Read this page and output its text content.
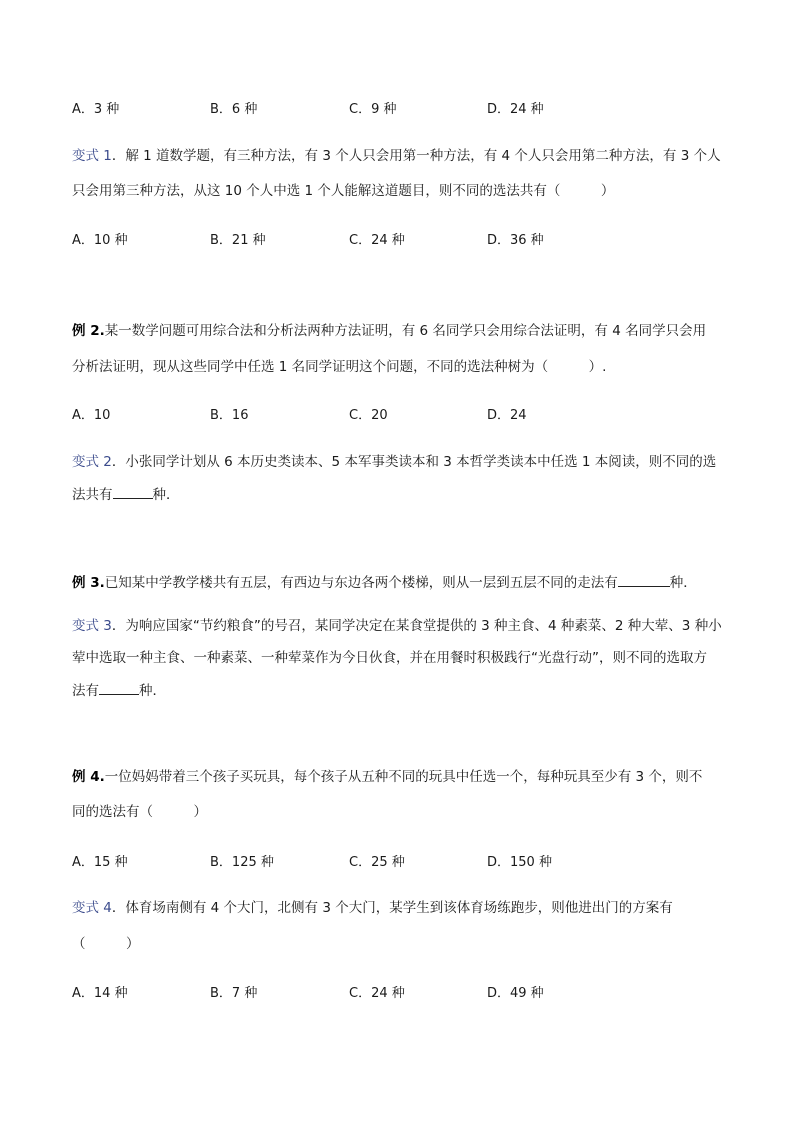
A．3 种	B．6 种	C．9 种	D．24 种
变式 1．解 1 道数学题，有三种方法，有 3 个人只会用第一种方法，有 4 个人只会用第二种方法，有 3 个人
只会用第三种方法，从这 10 个人中选 1 个人能解这道题目，则不同的选法共有（　　　）
A．10 种	B．21 种	C．24 种	D．36 种
例 2.某一数学问题可用综合法和分析法两种方法证明，有 6 名同学只会用综合法证明，有 4 名同学只会用
分析法证明，现从这些同学中任选 1 名同学证明这个问题，不同的选法种树为（　　　）.
A．10	B．16	C．20	D．24
变式 2．小张同学计划从 6 本历史类读本、5 本军事类读本和 3 本哲学类读本中任选 1 本阅读，则不同的选
法共有	种．
例 3.已知某中学教学楼共有五层，有西边与东边各两个楼梯，则从一层到五层不同的走法有	种．
变式 3．为响应国家“节约粮食”的号召，某同学决定在某食堂提供的 3 种主食、4 种素菜、2 种大荤、3 种小
荤中选取一种主食、一种素菜、一种荤菜作为今日伙食，并在用餐时积极践行“光盘行动”，则不同的选取方
法有	种．
例 4.一位妈妈带着三个孩子买玩具，每个孩子从五种不同的玩具中任选一个，每种玩具至少有 3 个，则不
同的选法有（　　　）
A．15 种	B．125 种	C．25 种	D．150 种
变式 4．体育场南侧有 4 个大门，北侧有 3 个大门，某学生到该体育场练跑步，则他进出门的方案有
（　　　）
A．14 种	B．7 种	C．24 种	D．49 种
